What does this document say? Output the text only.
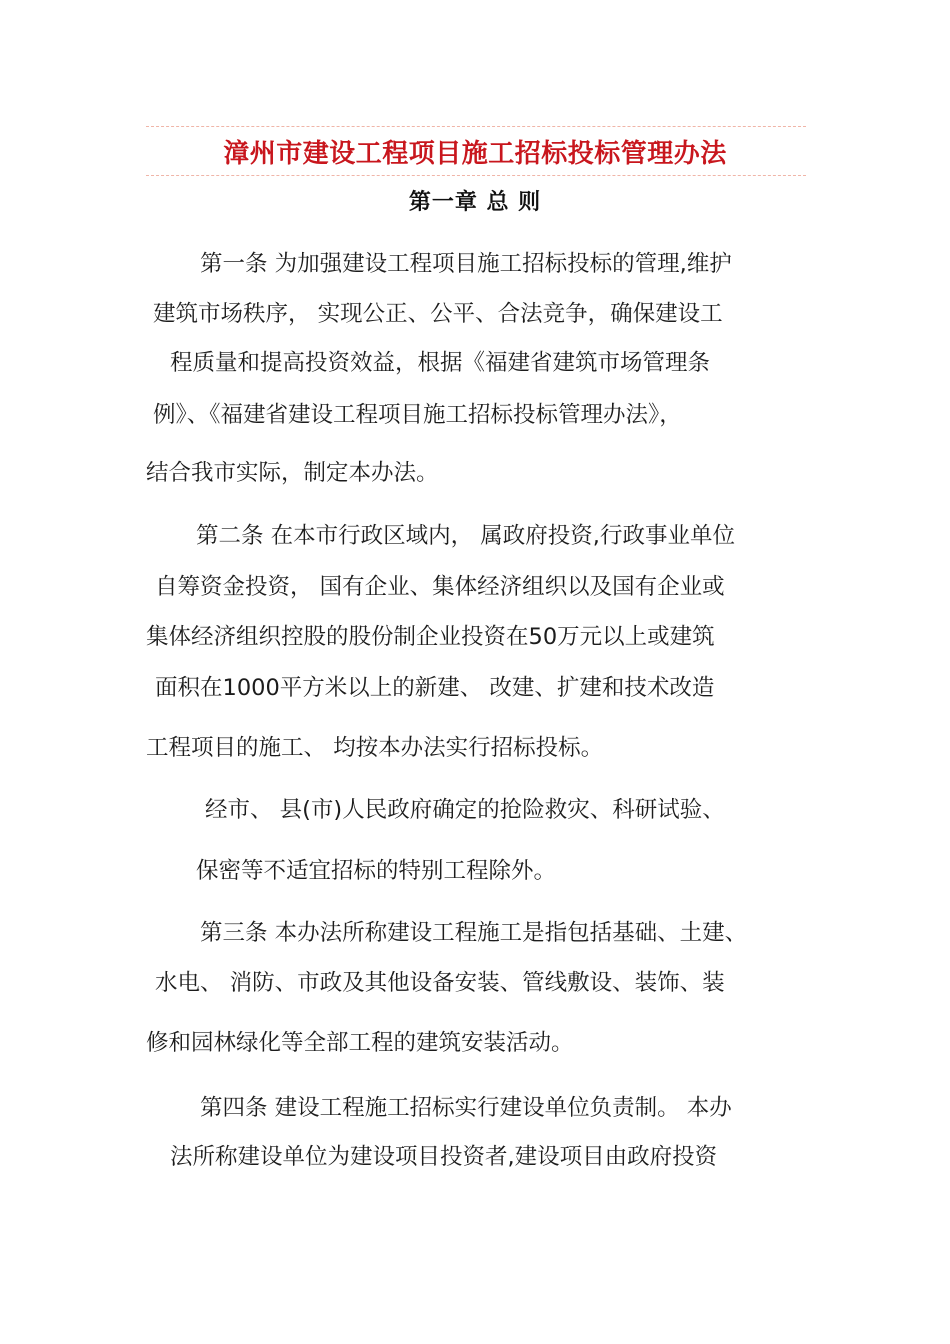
漳州市建设工程项目施工招标投标管理办法
第一章 总 则
第一条 为加强建设工程项目施工招标投标的管理,维护
建筑市场秩序， 实现公正、公平、合法竞争，确保建设工
程质量和提高投资效益，根据《福建省建筑市场管理条
例》、《福建省建设工程项目施工招标投标管理办法》，
结合我市实际，制定本办法。
第二条 在本市行政区域内， 属政府投资,行政事业单位
自筹资金投资， 国有企业、集体经济组织以及国有企业或
集体经济组织控股的股份制企业投资在50万元以上或建筑
面积在1000平方米以上的新建、 改建、扩建和技术改造
工程项目的施工、 均按本办法实行招标投标。
经市、 县(市)人民政府确定的抢险救灾、科研试验、
保密等不适宜招标的特别工程除外。
第三条 本办法所称建设工程施工是指包括基础、土建、
水电、 消防、市政及其他设备安装、管线敷设、装饰、装
修和园林绿化等全部工程的建筑安装活动。
第四条 建设工程施工招标实行建设单位负责制。 本办
法所称建设单位为建设项目投资者,建设项目由政府投资
